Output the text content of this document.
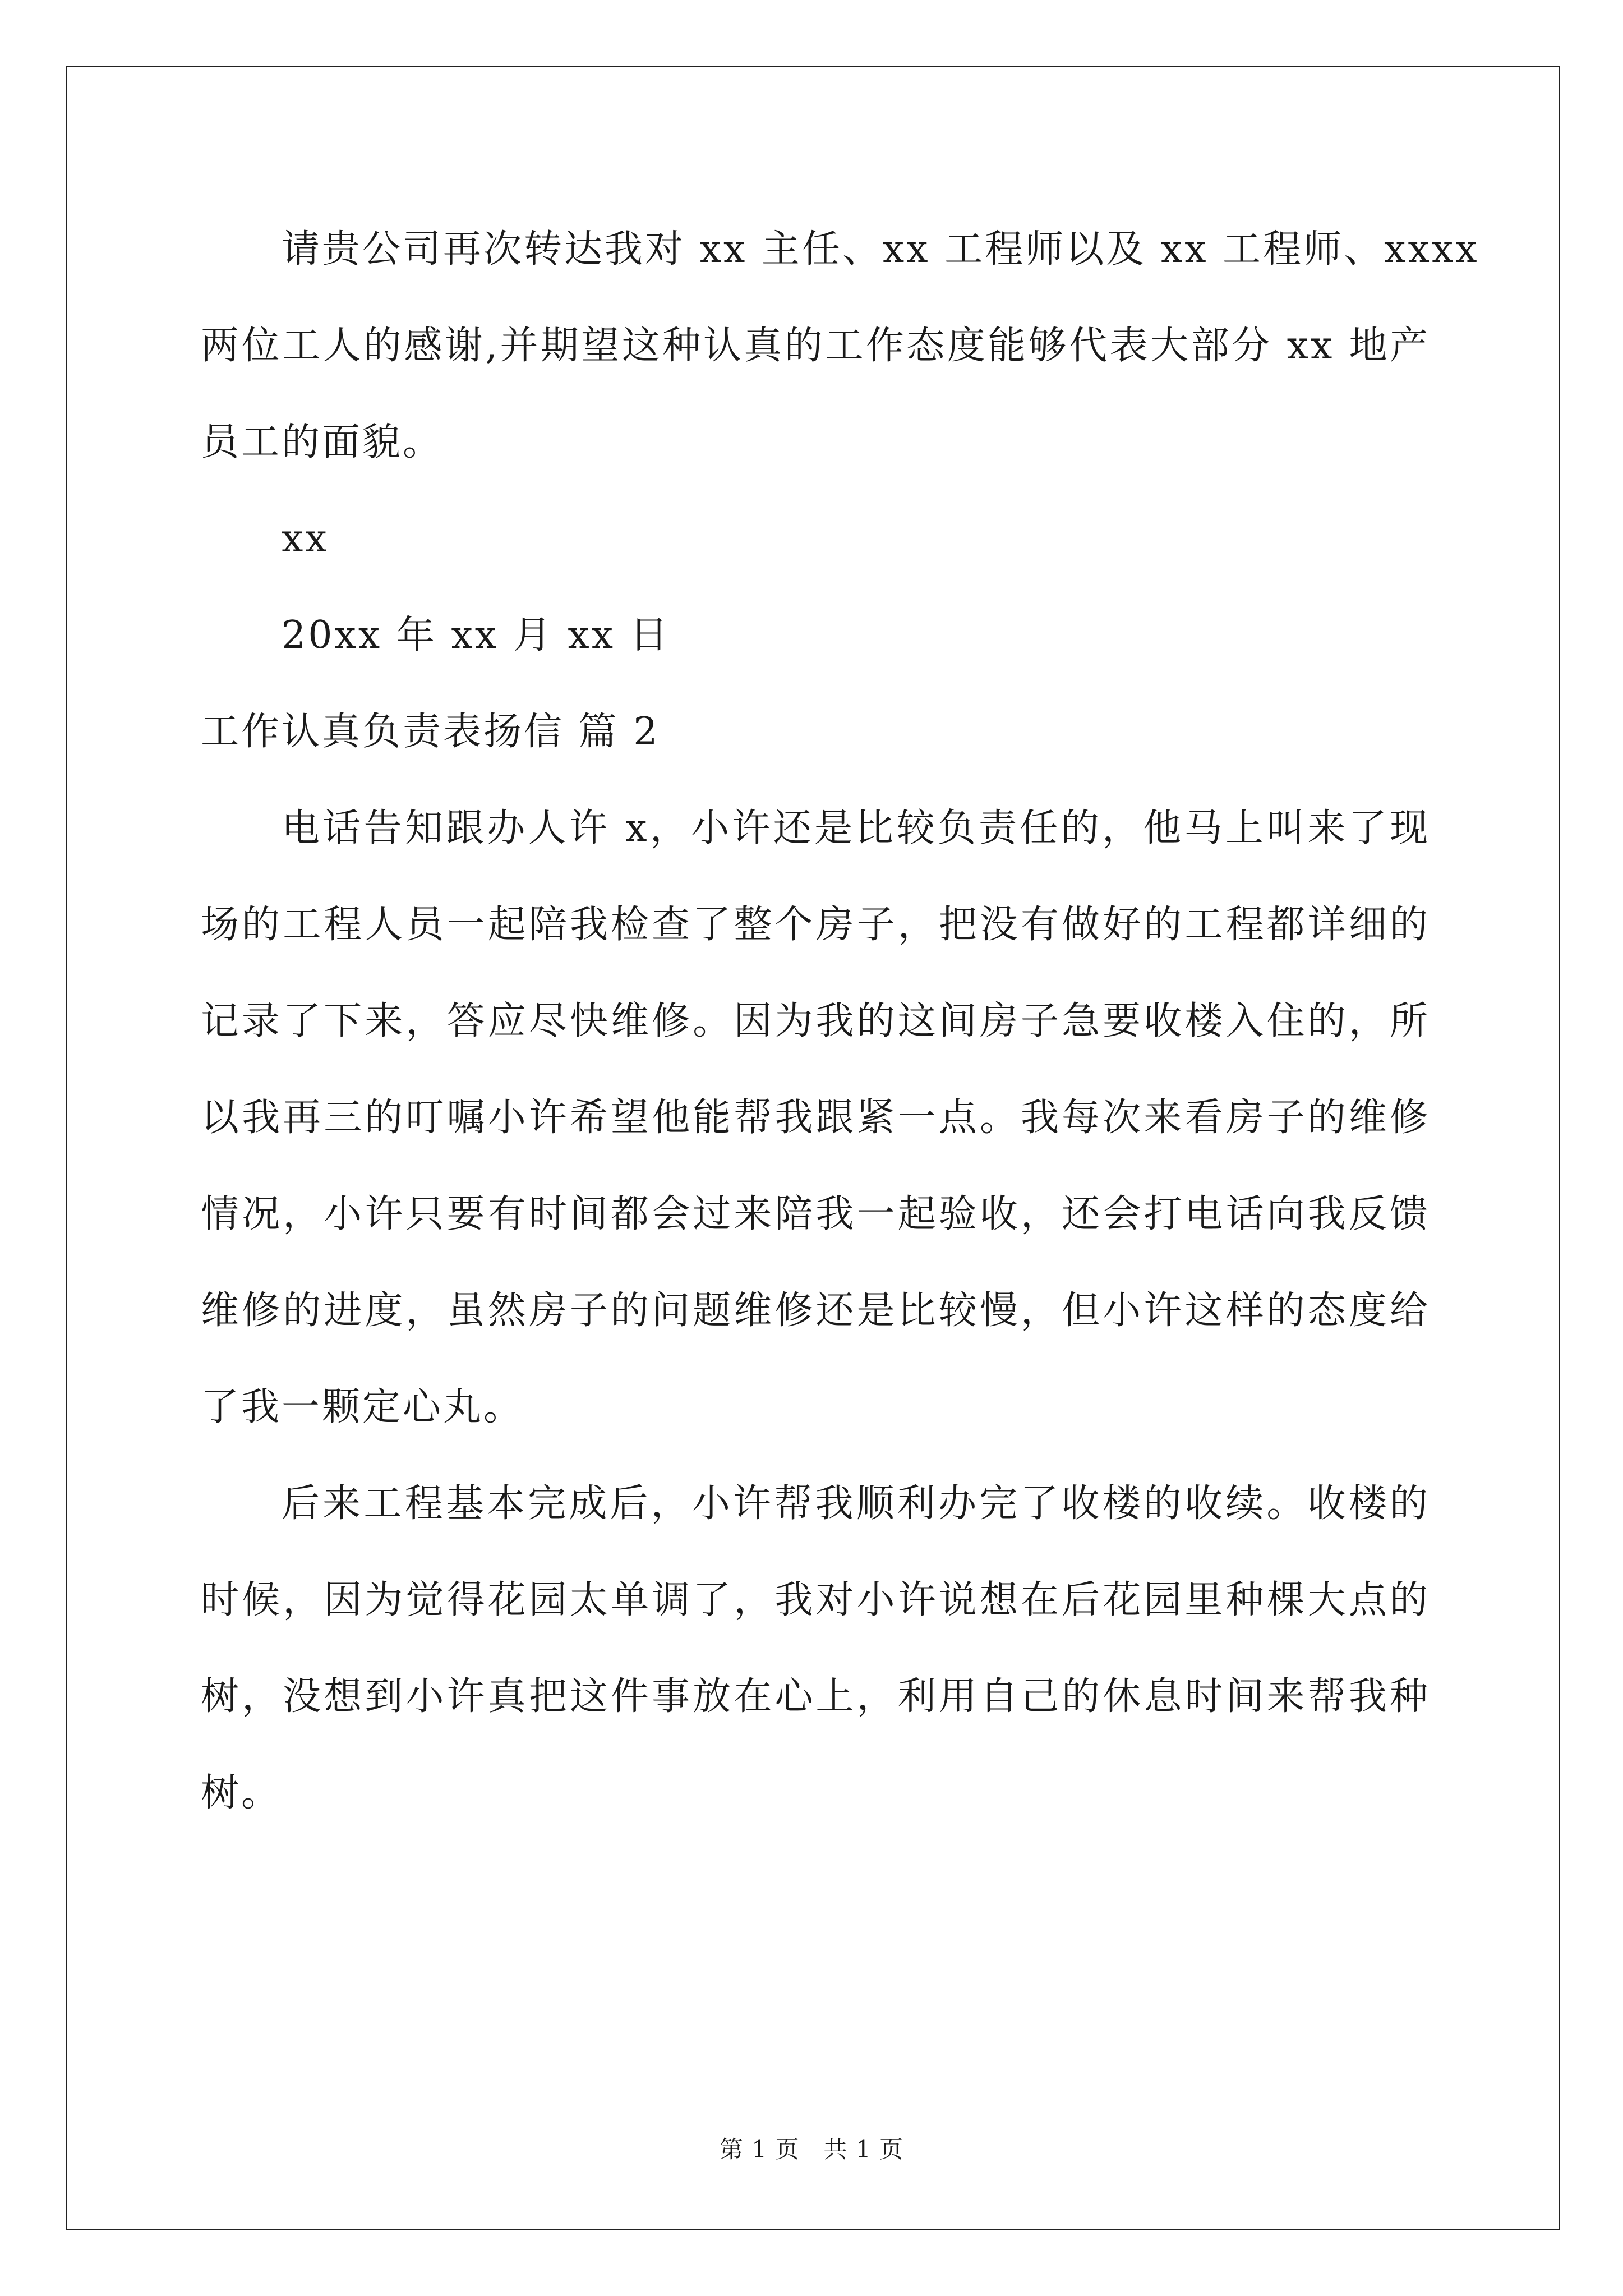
请贵公司再次转达我对 xx 主任、xx 工程师以及 xx 工程师、xxxx
两位工人的感谢,并期望这种认真的工作态度能够代表大部分 xx 地产
员工的面貌。
xx
20xx 年 xx 月 xx 日
工作认真负责表扬信 篇 2
电话告知跟办人许 x，小许还是比较负责任的，他马上叫来了现
场的工程人员一起陪我检查了整个房子，把没有做好的工程都详细的
记录了下来，答应尽快维修。因为我的这间房子急要收楼入住的，所
以我再三的叮嘱小许希望他能帮我跟紧一点。我每次来看房子的维修
情况，小许只要有时间都会过来陪我一起验收，还会打电话向我反馈
维修的进度，虽然房子的问题维修还是比较慢，但小许这样的态度给
了我一颗定心丸。
后来工程基本完成后，小许帮我顺利办完了收楼的收续。收楼的
时候，因为觉得花园太单调了，我对小许说想在后花园里种棵大点的
树，没想到小许真把这件事放在心上，利用自己的休息时间来帮我种
树。
第 1 页   共 1 页
